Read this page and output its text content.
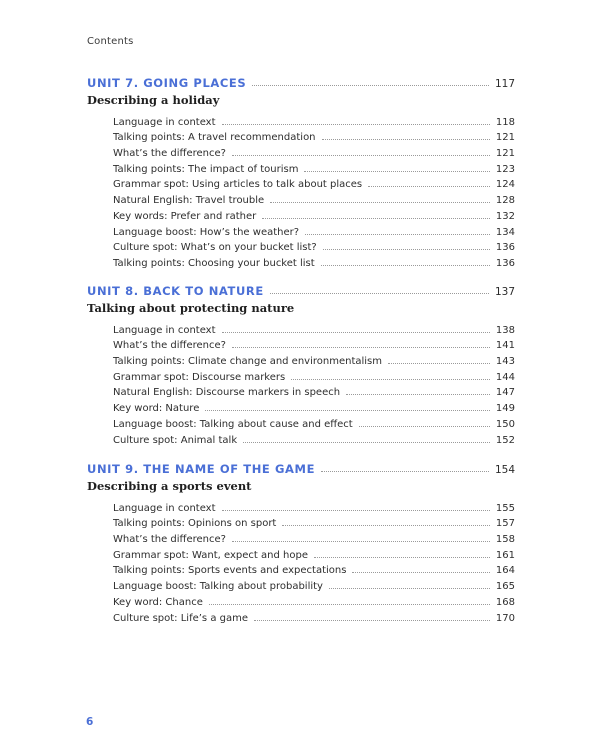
Contents
UNIT 7. GOING PLACES	117
Describing a holiday
Language in context	118
Talking points: A travel recommendation	121
What’s the difference?	121
Talking points: The impact of tourism	123
Grammar spot: Using articles to talk about places	124
Natural English: Travel trouble	128
Key words: Prefer and rather	132
Language boost: How’s the weather?	134
Culture spot: What’s on your bucket list?	136
Talking points: Choosing your bucket list	136
UNIT 8. BACK TO NATURE	137
Talking about protecting nature
Language in context	138
What’s the difference?	141
Talking points: Climate change and environmentalism	143
Grammar spot: Discourse markers	144
Natural English: Discourse markers in speech	147
Key word: Nature	149
Language boost: Talking about cause and effect	150
Culture spot: Animal talk	152
UNIT 9. THE NAME OF THE GAME	154
Describing a sports event
Language in context	155
Talking points: Opinions on sport	157
What’s the difference?	158
Grammar spot: Want, expect and hope	161
Talking points: Sports events and expectations	164
Language boost: Talking about probability	165
Key word: Chance	168
Culture spot: Life’s a game	170
6
